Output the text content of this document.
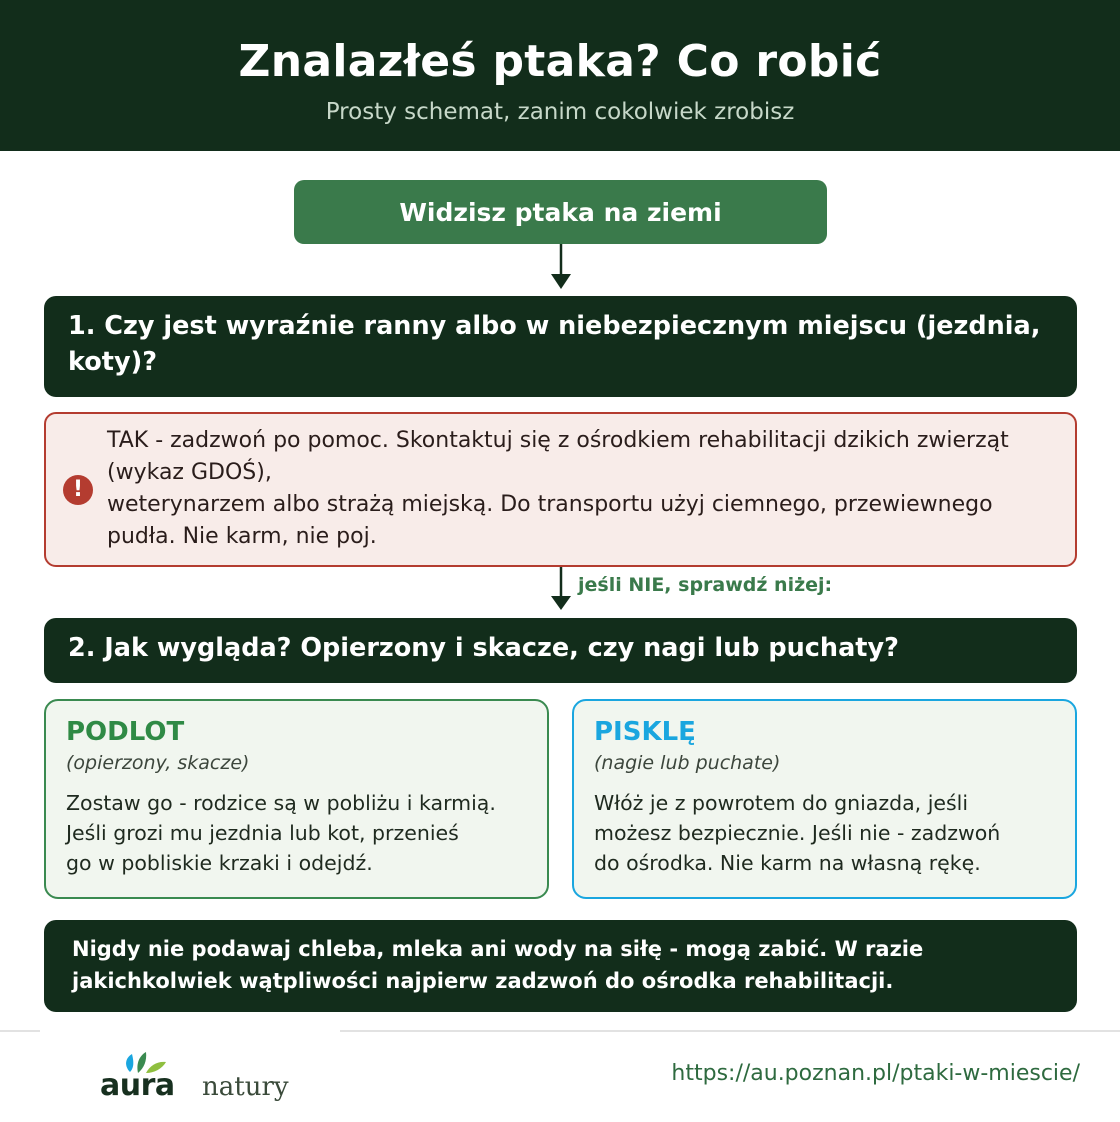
Znalazłeś ptaka? Co robić
Prosty schemat, zanim cokolwiek zrobisz
Widzisz ptaka na ziemi
1. Czy jest wyraźnie ranny albo w niebezpiecznym miejscu (jezdnia, koty)?
!
TAK - zadzwoń po pomoc. Skontaktuj się z ośrodkiem rehabilitacji dzikich zwierząt (wykaz GDOŚ),
weterynarzem albo strażą miejską. Do transportu użyj ciemnego, przewiewnego pudła. Nie karm, nie poj.
jeśli NIE, sprawdź niżej:
2. Jak wygląda? Opierzony i skacze, czy nagi lub puchaty?
PODLOT
(opierzony, skacze)
Zostaw go - rodzice są w pobliżu i karmią.
Jeśli grozi mu jezdnia lub kot, przenieś
go w pobliskie krzaki i odejdź.
PISKLĘ
(nagie lub puchate)
Włóż je z powrotem do gniazda, jeśli
możesz bezpiecznie. Jeśli nie - zadzwoń
do ośrodka. Nie karm na własną rękę.
Nigdy nie podawaj chleba, mleka ani wody na siłę - mogą zabić. W razie jakichkolwiek wątpliwości najpierw zadzwoń do ośrodka rehabilitacji.
aura natury	https://au.poznan.pl/ptaki-w-miescie/
